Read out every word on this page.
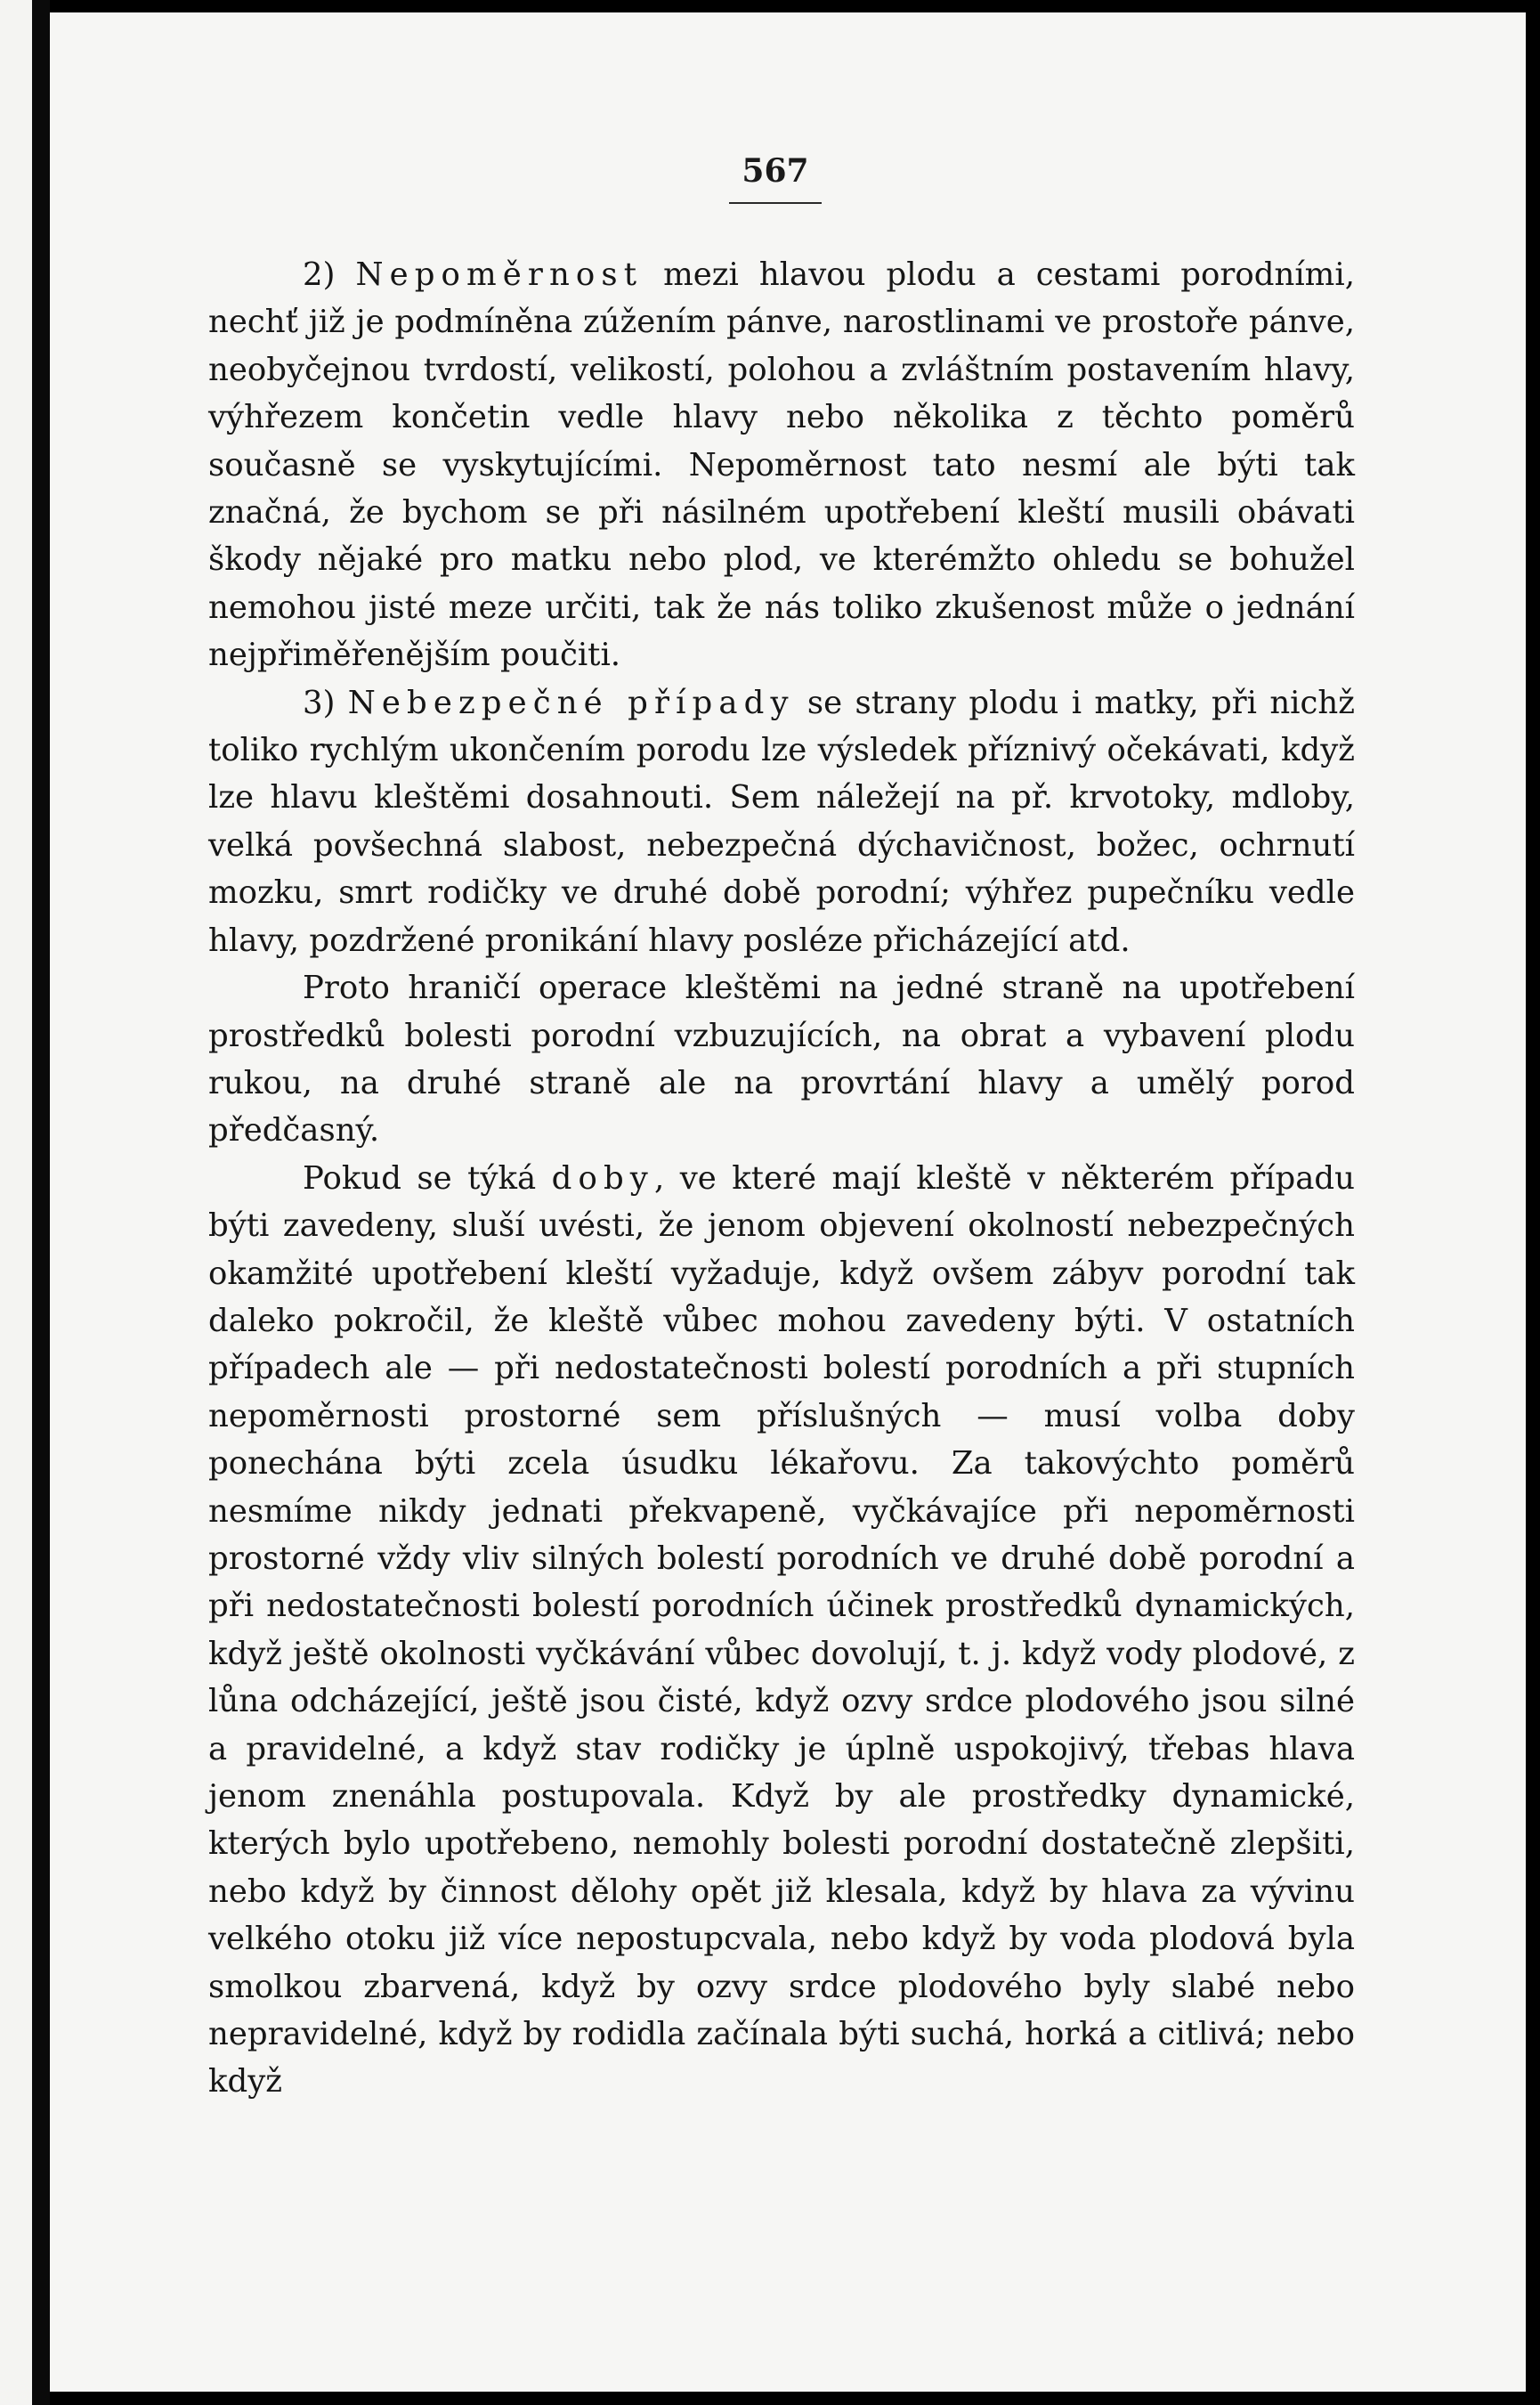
567

2) Nepoměrnost mezi hlavou plodu a cestami porodními, nechť již je podmíněna zúžením pánve, narostlinami ve prostoře pánve, neobyčejnou tvrdostí, velikostí, polohou a zvláštním postavením hlavy, výhřezem končetin vedle hlavy nebo několika z těchto poměrů současně se vyskytujícími. Nepoměrnost tato nesmí ale býti tak značná, že bychom se při násilném upotřebení kleští musili obávati škody nějaké pro matku nebo plod, ve kterémžto ohledu se bohužel nemohou jisté meze určiti, tak že nás toliko zkušenost může o jednání nejpřiměřenějším poučiti.

3) Nebezpečné případy se strany plodu i matky, při nichž toliko rychlým ukončením porodu lze výsledek příznivý očekávati, když lze hlavu kleštěmi dosahnouti. Sem náležejí na př. krvotoky, mdloby, velká povšechná slabost, nebezpečná dýchavičnost, božec, ochrnutí mozku, smrt rodičky ve druhé době porodní; výhřez pupečníku vedle hlavy, pozdržené pronikání hlavy posléze přicházející atd.

Proto hraničí operace kleštěmi na jedné straně na upotřebení prostředků bolesti porodní vzbuzujících, na obrat a vybavení plodu rukou, na druhé straně ale na provrtání hlavy a umělý porod předčasný.

Pokud se týká doby, ve které mají kleště v některém případu býti zavedeny, sluší uvésti, že jenom objevení okolností nebezpečných okamžité upotřebení kleští vyžaduje, když ovšem zábyv porodní tak daleko pokročil, že kleště vůbec mohou zavedeny býti. V ostatních případech ale — při nedostatečnosti bolestí porodních a při stupních nepoměrnosti prostorné sem příslušných — musí volba doby ponechána býti zcela úsudku lékařovu. Za takovýchto poměrů nesmíme nikdy jednati překvapeně, vyčkávajíce při nepoměrnosti prostorné vždy vliv silných bolestí porodních ve druhé době porodní a při nedostatečnosti bolestí porodních účinek prostředků dynamických, když ještě okolnosti vyčkávání vůbec dovolují, t. j. když vody plodové, z lůna odcházející, ještě jsou čisté, když ozvy srdce plodového jsou silné a pravidelné, a když stav rodičky je úplně uspokojivý, třebas hlava jenom znenáhla postupovala. Když by ale prostředky dynamické, kterých bylo upotřebeno, nemohly bolesti porodní dostatečně zlepšiti, nebo když by činnost dělohy opět již klesala, když by hlava za vývinu velkého otoku již více nepostupcvala, nebo když by voda plodová byla smolkou zbarvená, když by ozvy srdce plodového byly slabé nebo nepravidelné, když by rodidla začínala býti suchá, horká a citlivá; nebo když
